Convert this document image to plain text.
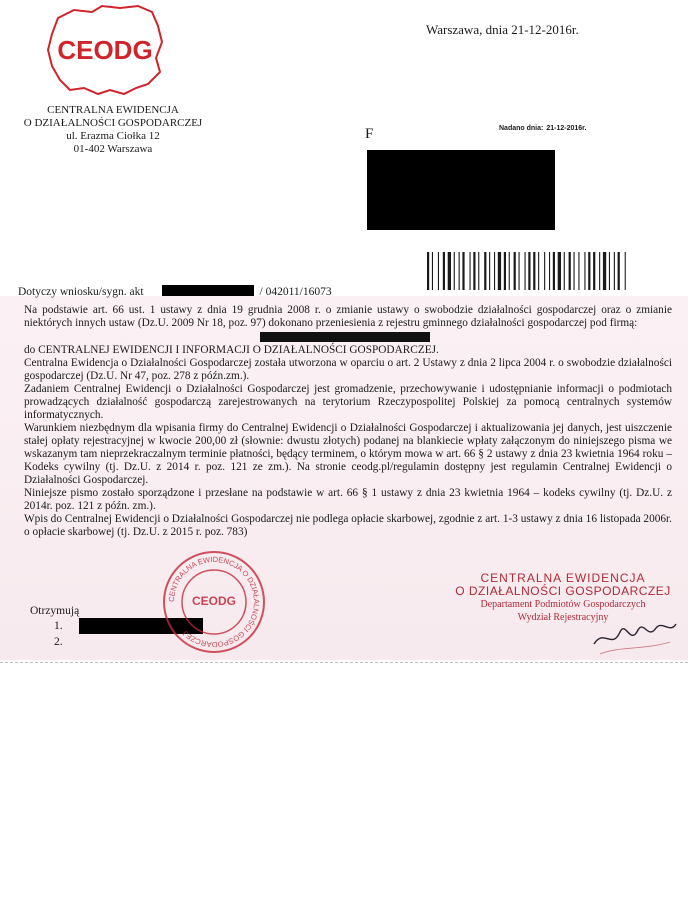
CEODG
CENTRALNA EWIDENCJA
O DZIAŁALNOŚCI GOSPODARCZEJ
ul. Erazma Ciołka 12
01-402 Warszawa
Warszawa, dnia 21-12-2016r.
F	Nadano dnia: 21-12-2016r.
Dotyczy wniosku/sygn. akt	/ 042011/16073

Na podstawie art. 66 ust. 1 ustawy z dnia 19 grudnia 2008 r. o zmianie ustawy o swobodzie działalności gospodarczej oraz o zmianie niektórych innych ustaw (Dz.U. 2009 Nr 18, poz. 97) dokonano przeniesienia z rejestru gminnego działalności gospodarczej pod firmą:

do CENTRALNEJ EWIDENCJI I INFORMACJI O DZIAŁALNOŚCI GOSPODARCZEJ.

Centralna Ewidencja o Działalności Gospodarczej została utworzona w oparciu o art. 2 Ustawy z dnia 2 lipca 2004 r. o swobodzie działalności gospodarczej (Dz.U. Nr 47, poz. 278 z późn.zm.).

Zadaniem Centralnej Ewidencji o Działalności Gospodarczej jest gromadzenie, przechowywanie i udostępnianie informacji o podmiotach prowadzących działalność gospodarczą zarejestrowanych na terytorium Rzeczypospolitej Polskiej za pomocą centralnych systemów informatycznych.

Warunkiem niezbędnym dla wpisania firmy do Centralnej Ewidencji o Działalności Gospodarczej i aktualizowania jej danych, jest uiszczenie stałej opłaty rejestracyjnej w kwocie 200,00 zł (słownie: dwustu złotych) podanej na blankiecie wpłaty załączonym do niniejszego pisma we wskazanym tam nieprzekraczalnym terminie płatności, będący terminem, o którym mowa w art. 66 § 2 ustawy z dnia 23 kwietnia 1964 roku – Kodeks cywilny (tj. Dz.U. z 2014 r. poz. 121 ze zm.). Na stronie ceodg.pl/regulamin dostępny jest regulamin Centralnej Ewidencji o Działalności Gospodarczej.

Niniejsze pismo zostało sporządzone i przesłane na podstawie w art. 66 § 1 ustawy z dnia 23 kwietnia 1964 – kodeks cywilny (tj. Dz.U. z 2014r. poz. 121 z późn. zm.).

Wpis do Centralnej Ewidencji o Działalności Gospodarczej nie podlega opłacie skarbowej, zgodnie z art. 1-3 ustawy z dnia 16 listopada 2006r. o opłacie skarbowej (tj. Dz.U. z 2015 r. poz. 783)

Otrzymują
1.
2.
CENTRALNA EWIDENCJA O DZIAŁALNOŚCI GOSPODARCZEJ
CEODG
CENTRALNA EWIDENCJA
O DZIAŁALNOŚCI GOSPODARCZEJ
Departament Podmiotów Gospodarczych
Wydział Rejestracyjny
